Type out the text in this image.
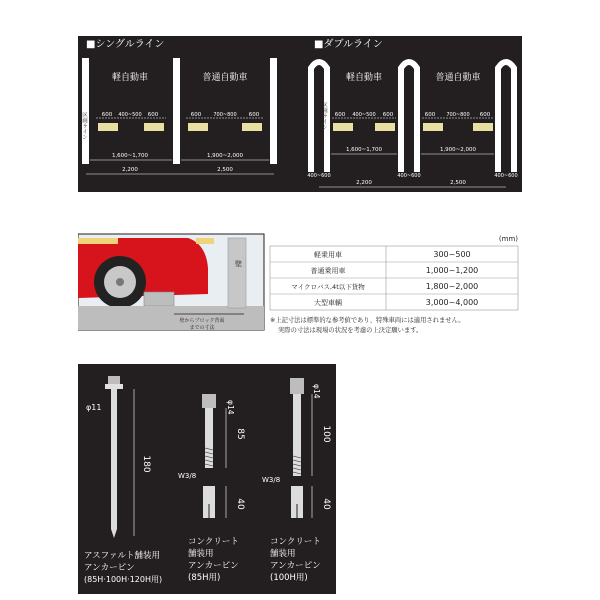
■シングルライン	■ダブルライン
区画ライン
軽自動車	普通自動車
600 400~500 600	600 700~800 600
1,600~1,700	1,900~2,000
2,200	2,500
区画ライン
軽自動車	普通自動車
600 400~500 600	600 700~800 600
1,600~1,700	1,900~2,000
400~600	400~600	400~600
2,200	2,500
壁
壁からブロック背面
までの寸法
(mm)
軽乗用車	300~500
普通乗用車	1,000~1,200
マイクロバス,4t以下貨物	1,800~2,000
大型車輌	3,000~4,000
※上記寸法は標準的な参考値であり、特殊車両には適用されません。
実際の寸法は現場の状況を考慮の上決定願います。
φ11
180
アスファルト舗装用
アンカーピン
(85H·100H·120H用)
φ14
85
W3/8
40
コンクリート
舗装用
アンカーピン
(85H用)
φ14
100
W3/8
40
コンクリート
舗装用
アンカーピン
(100H用)
